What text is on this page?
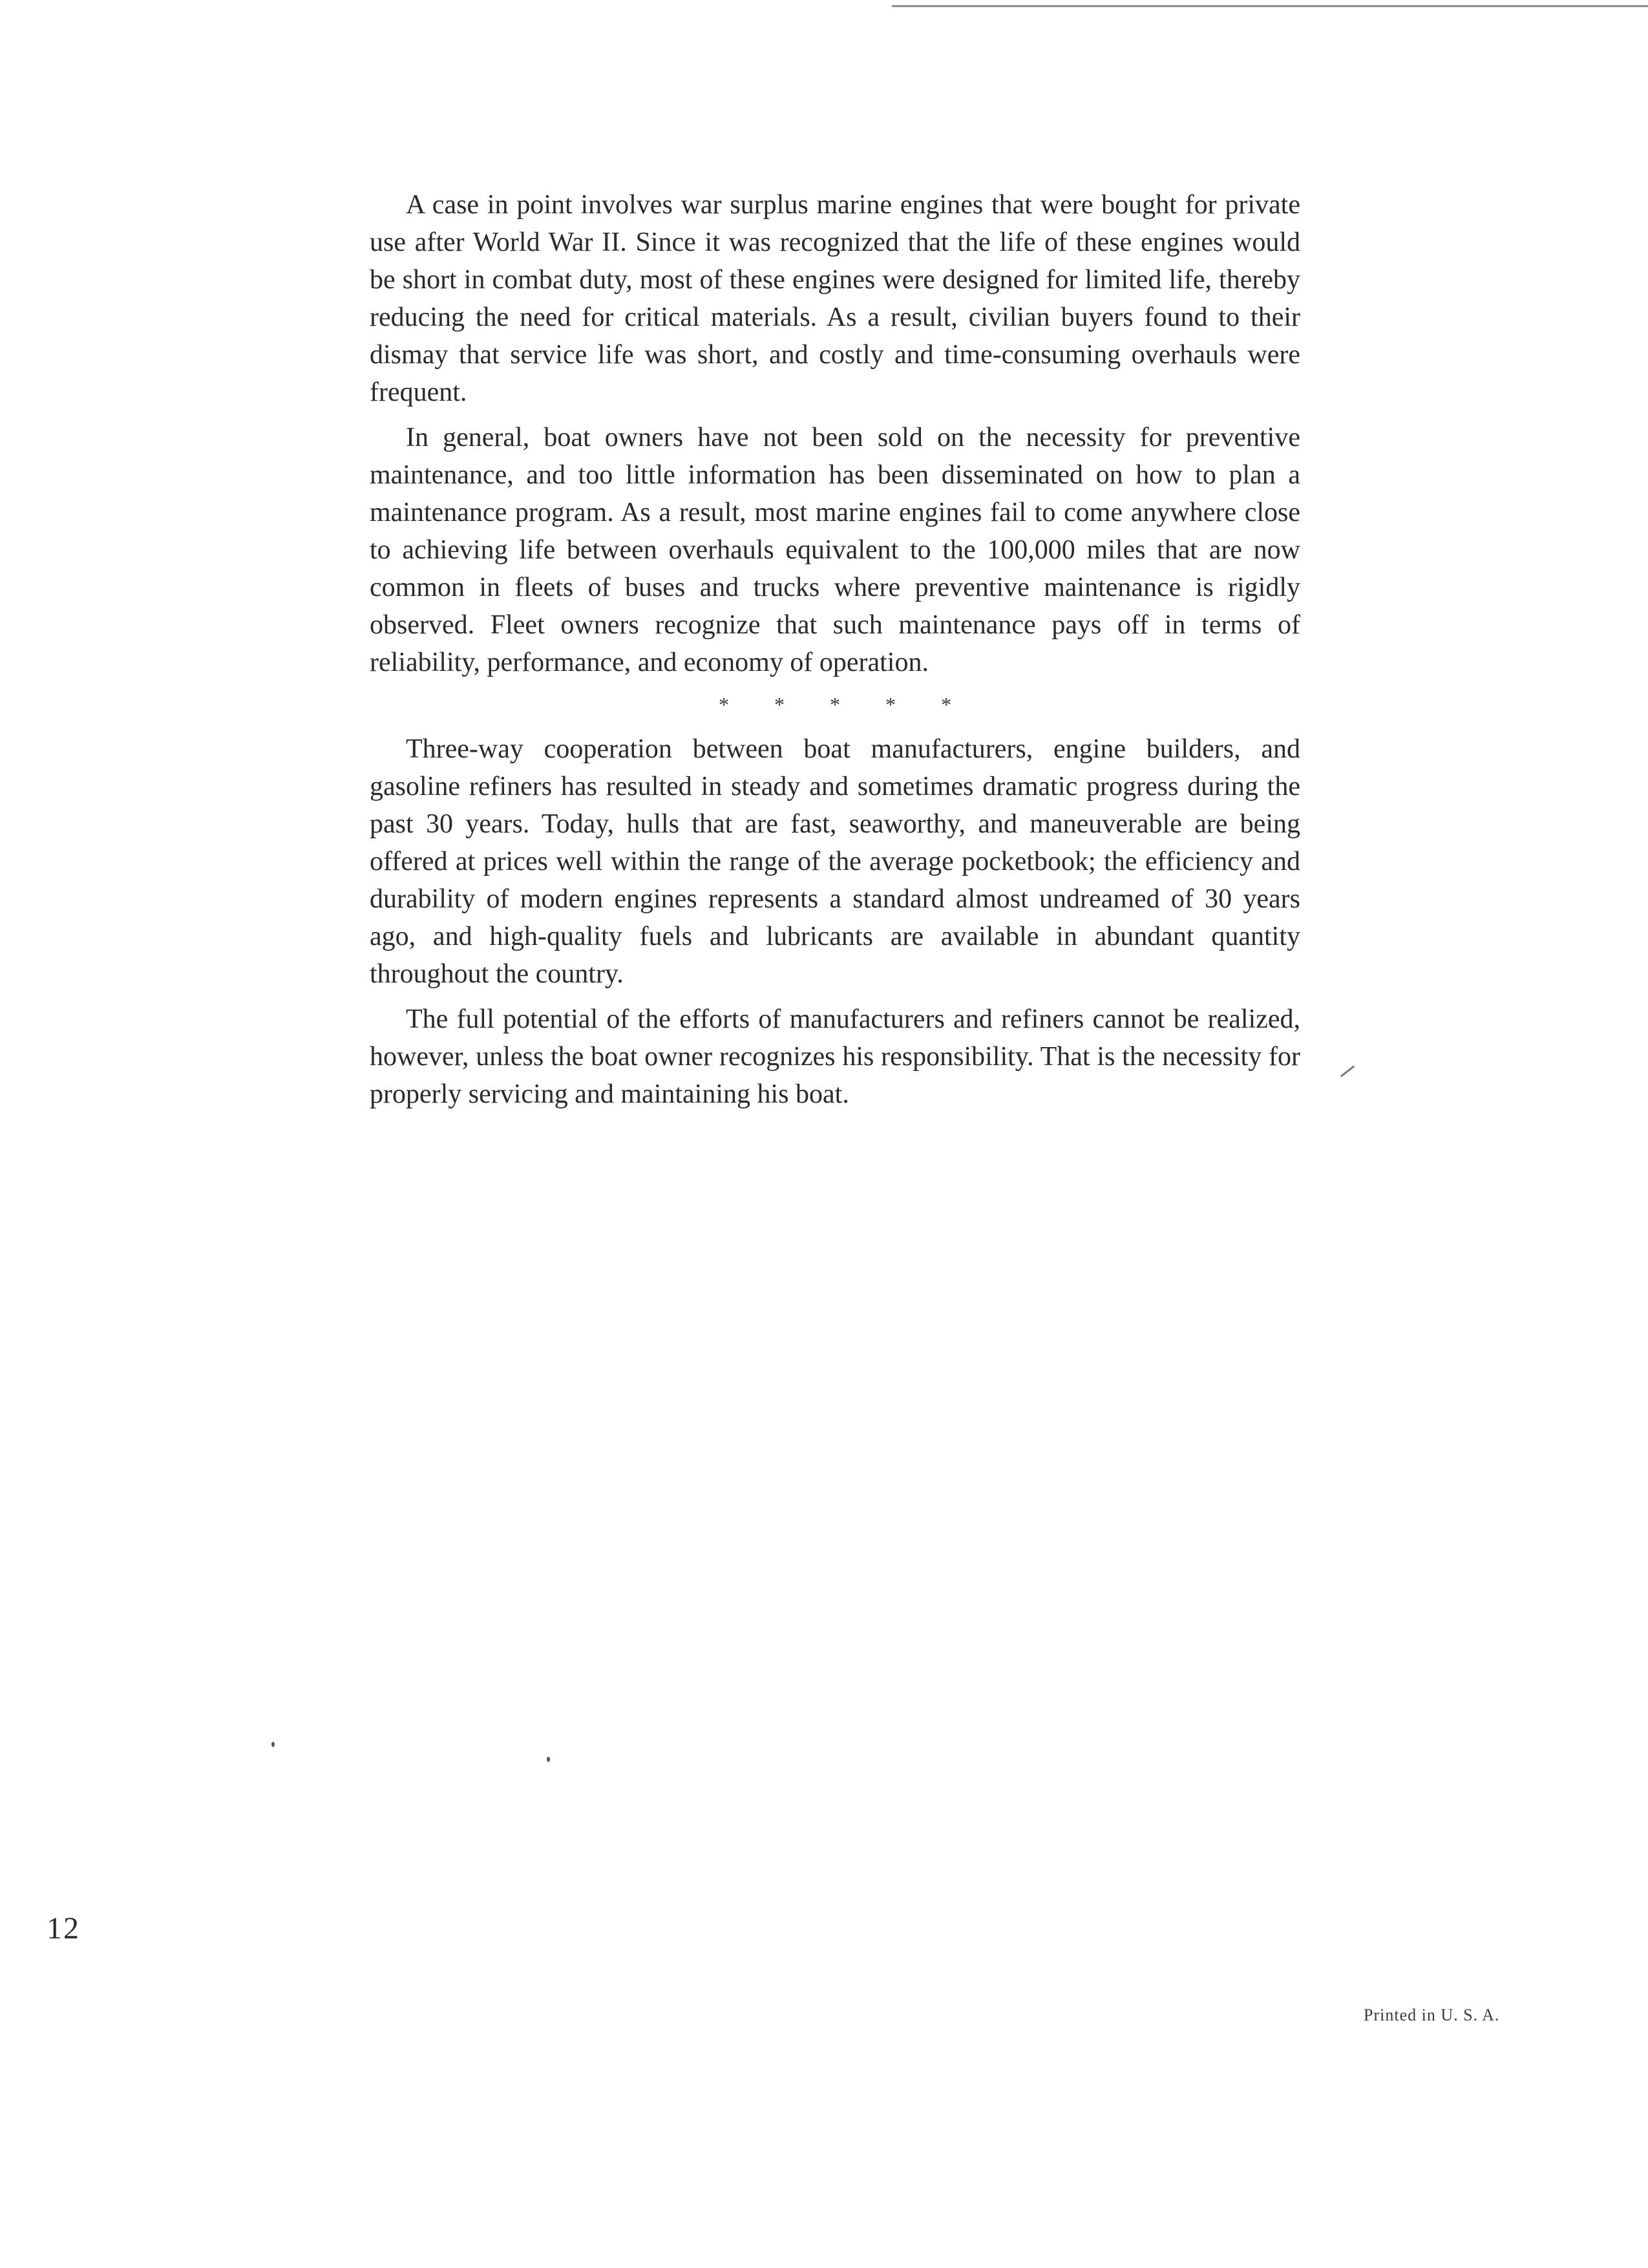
A case in point involves war surplus marine engines that were bought for private use after World War II. Since it was recognized that the life of these engines would be short in combat duty, most of these engines were designed for limited life, thereby reducing the need for critical materials. As a result, civilian buyers found to their dismay that service life was short, and costly and time-consuming overhauls were frequent.

In general, boat owners have not been sold on the necessity for preventive maintenance, and too little information has been disseminated on how to plan a maintenance program. As a result, most marine engines fail to come anywhere close to achieving life between overhauls equivalent to the 100,000 miles that are now common in fleets of buses and trucks where preventive maintenance is rigidly observed. Fleet owners recognize that such maintenance pays off in terms of reliability, performance, and economy of operation.

* * * * *

Three-way cooperation between boat manufacturers, engine builders, and gasoline refiners has resulted in steady and sometimes dramatic progress during the past 30 years. Today, hulls that are fast, seaworthy, and maneuverable are being offered at prices well within the range of the average pocketbook; the efficiency and durability of modern engines represents a standard almost undreamed of 30 years ago, and high-quality fuels and lubricants are available in abundant quantity throughout the country.

The full potential of the efforts of manufacturers and refiners cannot be realized, however, unless the boat owner recognizes his responsibility. That is the necessity for properly servicing and maintaining his boat.

12
Printed in U. S. A.
